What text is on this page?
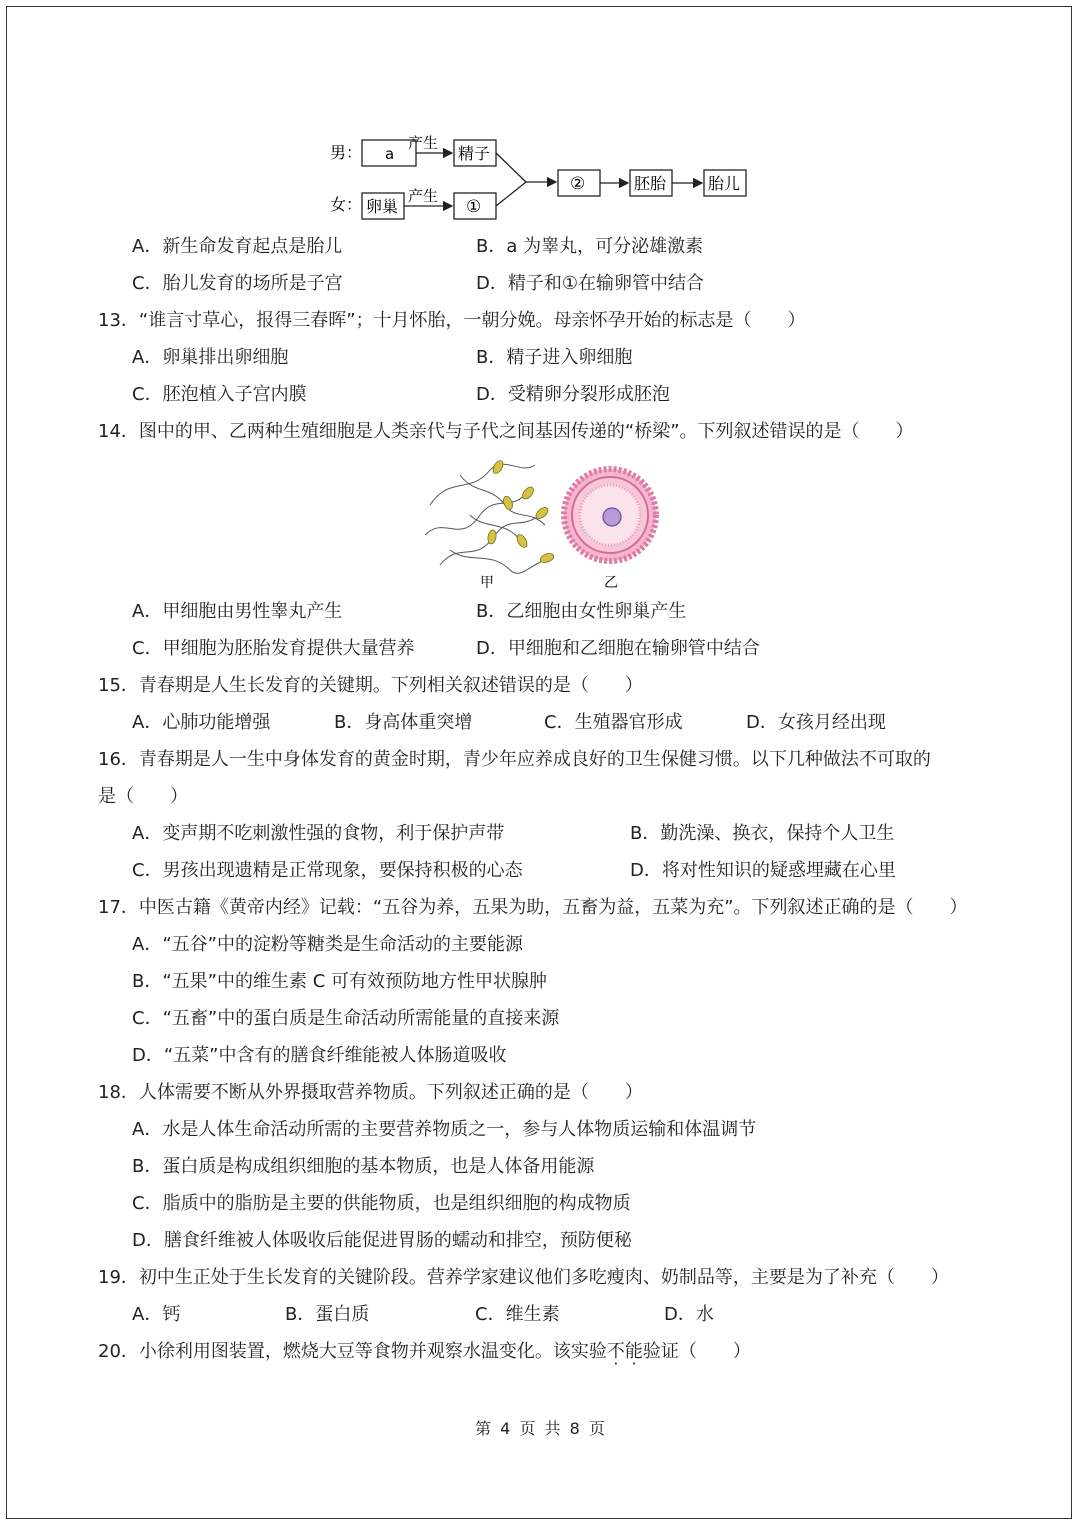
男：
女：
a
产生
精子
卵巢
产生
①
②	胚胎	胎儿
A．新生命发育起点是胎儿	B．a 为睾丸，可分泌雄激素
C．胎儿发育的场所是子宫	D．精子和①在输卵管中结合
13．“谁言寸草心，报得三春晖”；十月怀胎，一朝分娩。母亲怀孕开始的标志是（　　）
A．卵巢排出卵细胞	B．精子进入卵细胞
C．胚泡植入子宫内膜	D．受精卵分裂形成胚泡
14．图中的甲、乙两种生殖细胞是人类亲代与子代之间基因传递的“桥梁”。下列叙述错误的是（　　）
甲	乙
A．甲细胞由男性睾丸产生	B．乙细胞由女性卵巢产生
C．甲细胞为胚胎发育提供大量营养	D．甲细胞和乙细胞在输卵管中结合
15．青春期是人生长发育的关键期。下列相关叙述错误的是（　　）
A．心肺功能增强	B．身高体重突增	C．生殖器官形成	D．女孩月经出现
16．青春期是人一生中身体发育的黄金时期，青少年应养成良好的卫生保健习惯。以下几种做法不可取的
是（　　）
A．变声期不吃刺激性强的食物，利于保护声带	B．勤洗澡、换衣，保持个人卫生
C．男孩出现遗精是正常现象，要保持积极的心态	D．将对性知识的疑惑埋藏在心里
17．中医古籍《黄帝内经》记载：“五谷为养，五果为助，五畜为益，五菜为充”。下列叙述正确的是（　　）
A．“五谷”中的淀粉等糖类是生命活动的主要能源
B．“五果”中的维生素 C 可有效预防地方性甲状腺肿
C．“五畜”中的蛋白质是生命活动所需能量的直接来源
D．“五菜”中含有的膳食纤维能被人体肠道吸收
18．人体需要不断从外界摄取营养物质。下列叙述正确的是（　　）
A．水是人体生命活动所需的主要营养物质之一，参与人体物质运输和体温调节
B．蛋白质是构成组织细胞的基本物质，也是人体备用能源
C．脂质中的脂肪是主要的供能物质，也是组织细胞的构成物质
D．膳食纤维被人体吸收后能促进胃肠的蠕动和排空，预防便秘
19．初中生正处于生长发育的关键阶段。营养学家建议他们多吃瘦肉、奶制品等，主要是为了补充（　　）
A．钙	B．蛋白质	C．维生素	D．水
20．小徐利用图装置，燃烧大豆等食物并观察水温变化。该实验不能验证（　　）
第 4 页 共 8 页
